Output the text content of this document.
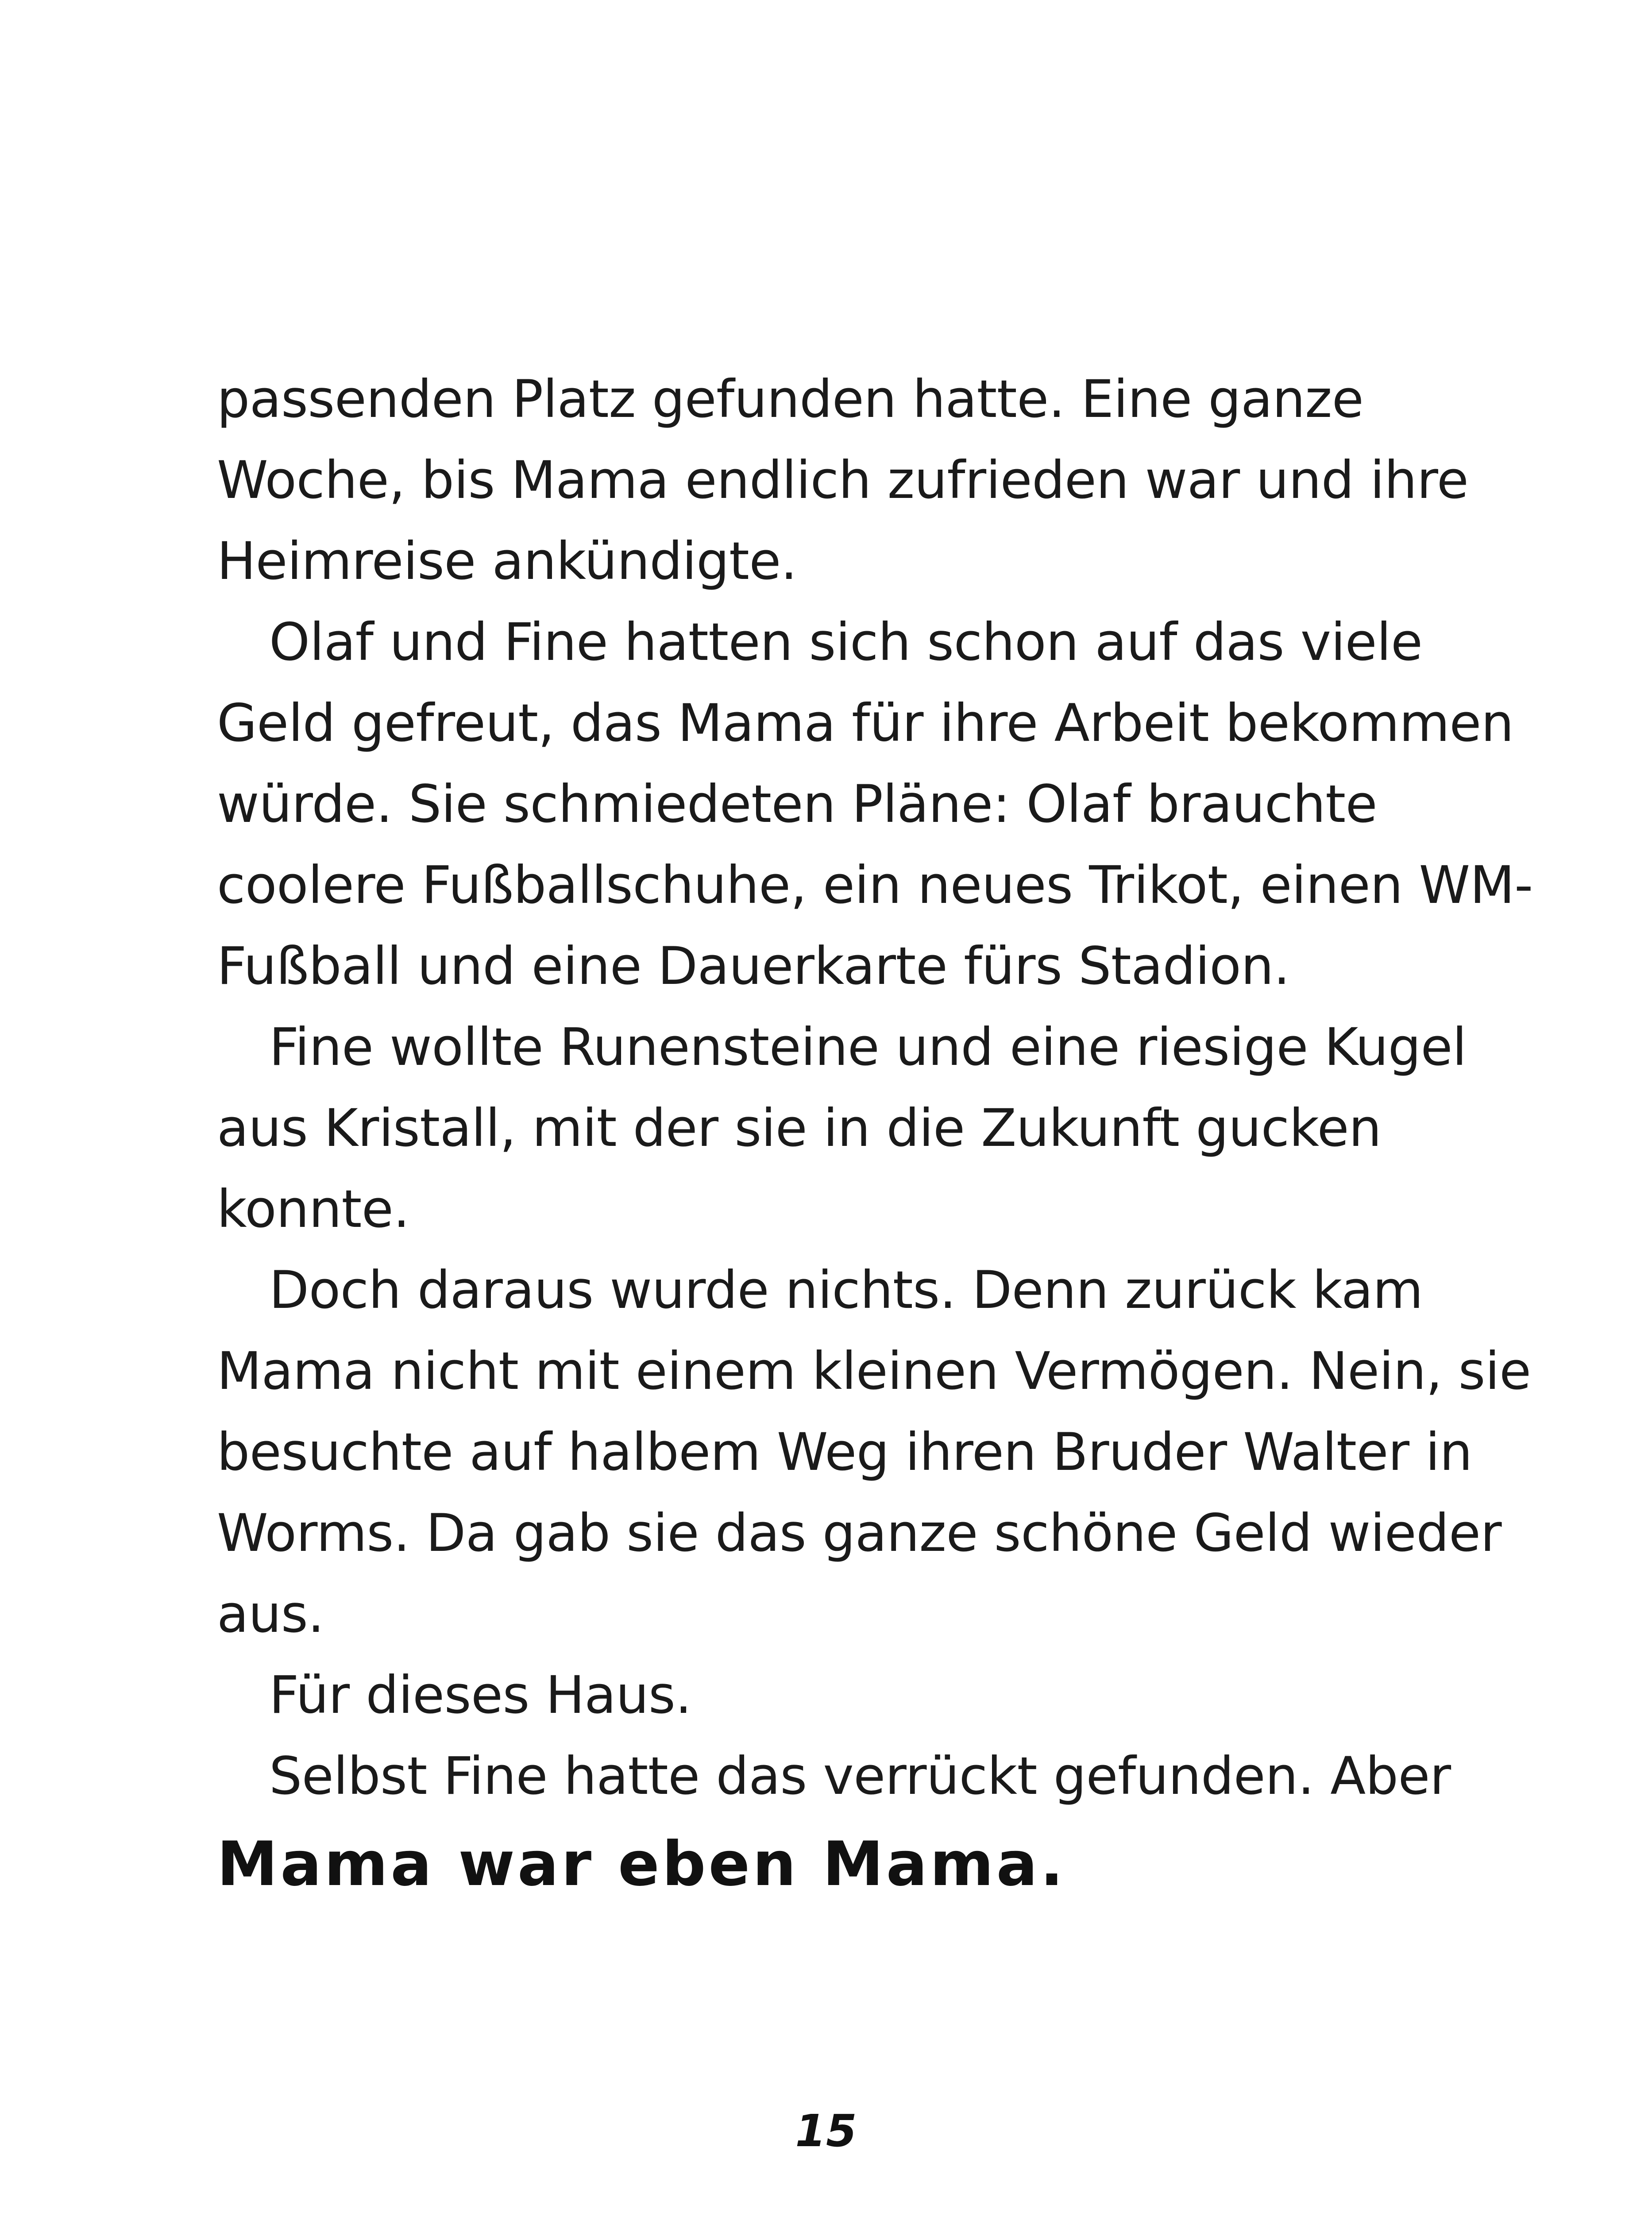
passenden Platz gefunden hatte. Eine ganze
Woche, bis Mama endlich zufrieden war und ihre
Heimreise ankündigte.
Olaf und Fine hatten sich schon auf das viele
Geld gefreut, das Mama für ihre Arbeit bekommen
würde. Sie schmiedeten Pläne: Olaf brauchte
coolere Fußballschuhe, ein neues Trikot, einen WM-
Fußball und eine Dauerkarte fürs Stadion.
Fine wollte Runensteine und eine riesige Kugel
aus Kristall, mit der sie in die Zukunft gucken
konnte.
Doch daraus wurde nichts. Denn zurück kam
Mama nicht mit einem kleinen Vermögen. Nein, sie
besuchte auf halbem Weg ihren Bruder Walter in
Worms. Da gab sie das ganze schöne Geld wieder
aus.
Für dieses Haus.
Selbst Fine hatte das verrückt gefunden. Aber
Mama war eben Mama.
15
